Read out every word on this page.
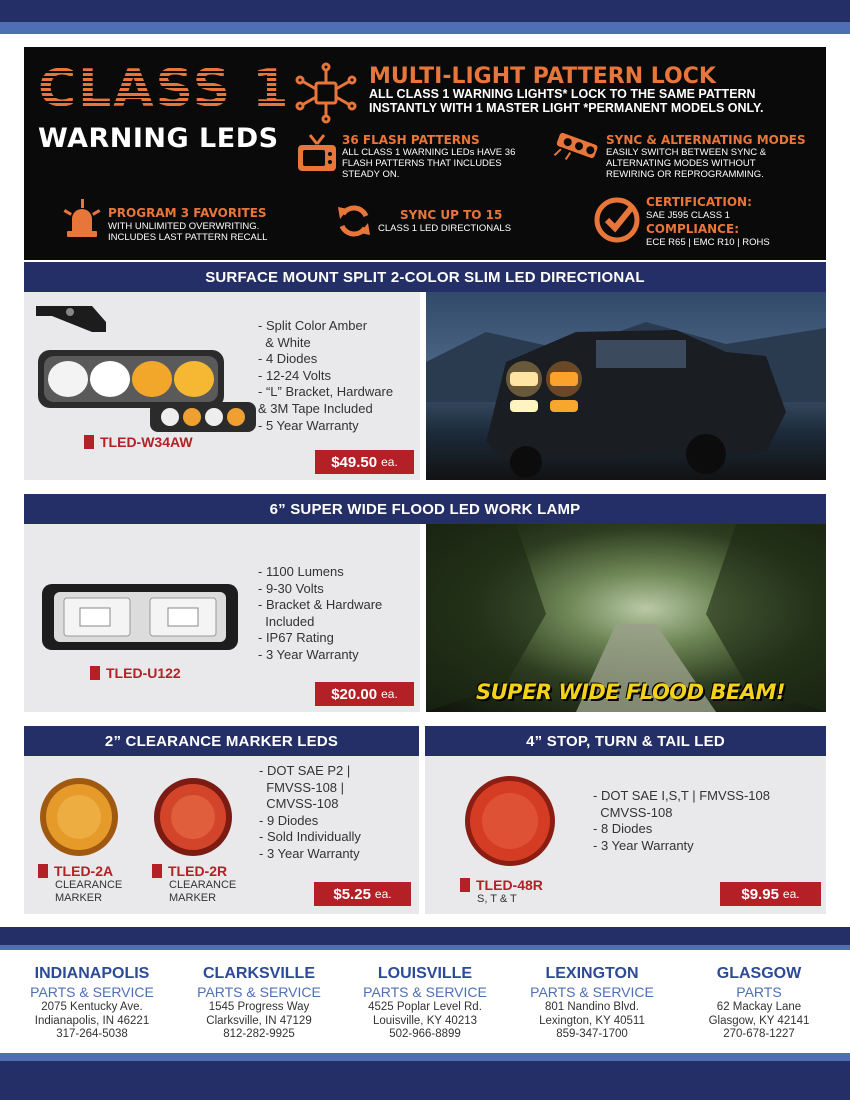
CLASS 1
WARNING LEDS
MULTI-LIGHT PATTERN LOCK
ALL CLASS 1 WARNING LIGHTS* LOCK TO THE SAME PATTERN
INSTANTLY WITH 1 MASTER LIGHT *PERMANENT MODELS ONLY.
36 FLASH PATTERNS
ALL CLASS 1 WARNING LEDs HAVE 36
FLASH PATTERNS THAT INCLUDES
STEADY ON.
SYNC & ALTERNATING MODES
EASILY SWITCH BETWEEN SYNC &
ALTERNATING MODES WITHOUT
REWIRING OR REPROGRAMMING.
PROGRAM 3 FAVORITES
WITH UNLIMITED OVERWRITING.
INCLUDES LAST PATTERN RECALL
SYNC UP TO 15
CLASS 1 LED DIRECTIONALS
CERTIFICATION:
SAE J595 CLASS 1
COMPLIANCE:
ECE R65 | EMC R10 | ROHS
SURFACE MOUNT SPLIT 2-COLOR SLIM LED DIRECTIONAL
- Split Color Amber
& White
- 4 Diodes
- 12-24 Volts
- “L” Bracket, Hardware
& 3M Tape Included
- 5 Year Warranty
TLED-W34AW
$49.50 ea.
6” SUPER WIDE FLOOD LED WORK LAMP
- 1100 Lumens
- 9-30 Volts
- Bracket & Hardware
Included
- IP67 Rating
- 3 Year Warranty
TLED-U122
$20.00 ea.	SUPER WIDE FLOOD BEAM!
2” CLEARANCE MARKER LEDS
- DOT SAE P2 |
FMVSS-108 |
CMVSS-108
- 9 Diodes
- Sold Individually
- 3 Year Warranty
TLED-2A
CLEARANCE
MARKER
TLED-2R
CLEARANCE
MARKER	$5.25 ea.
4” STOP, TURN & TAIL LED
- DOT SAE I,S,T | FMVSS-108
CMVSS-108
- 8 Diodes
- 3 Year Warranty
TLED-48R
S, T & T	$9.95 ea.
INDIANAPOLIS
PARTS & SERVICE
2075 Kentucky Ave.
Indianapolis, IN 46221
317-264-5038
CLARKSVILLE
PARTS & SERVICE
1545 Progress Way
Clarksville, IN 47129
812-282-9925
LOUISVILLE
PARTS & SERVICE
4525 Poplar Level Rd.
Louisville, KY 40213
502-966-8899
LEXINGTON
PARTS & SERVICE
801 Nandino Blvd.
Lexington, KY 40511
859-347-1700
GLASGOW
PARTS
62 Mackay Lane
Glasgow, KY 42141
270-678-1227
